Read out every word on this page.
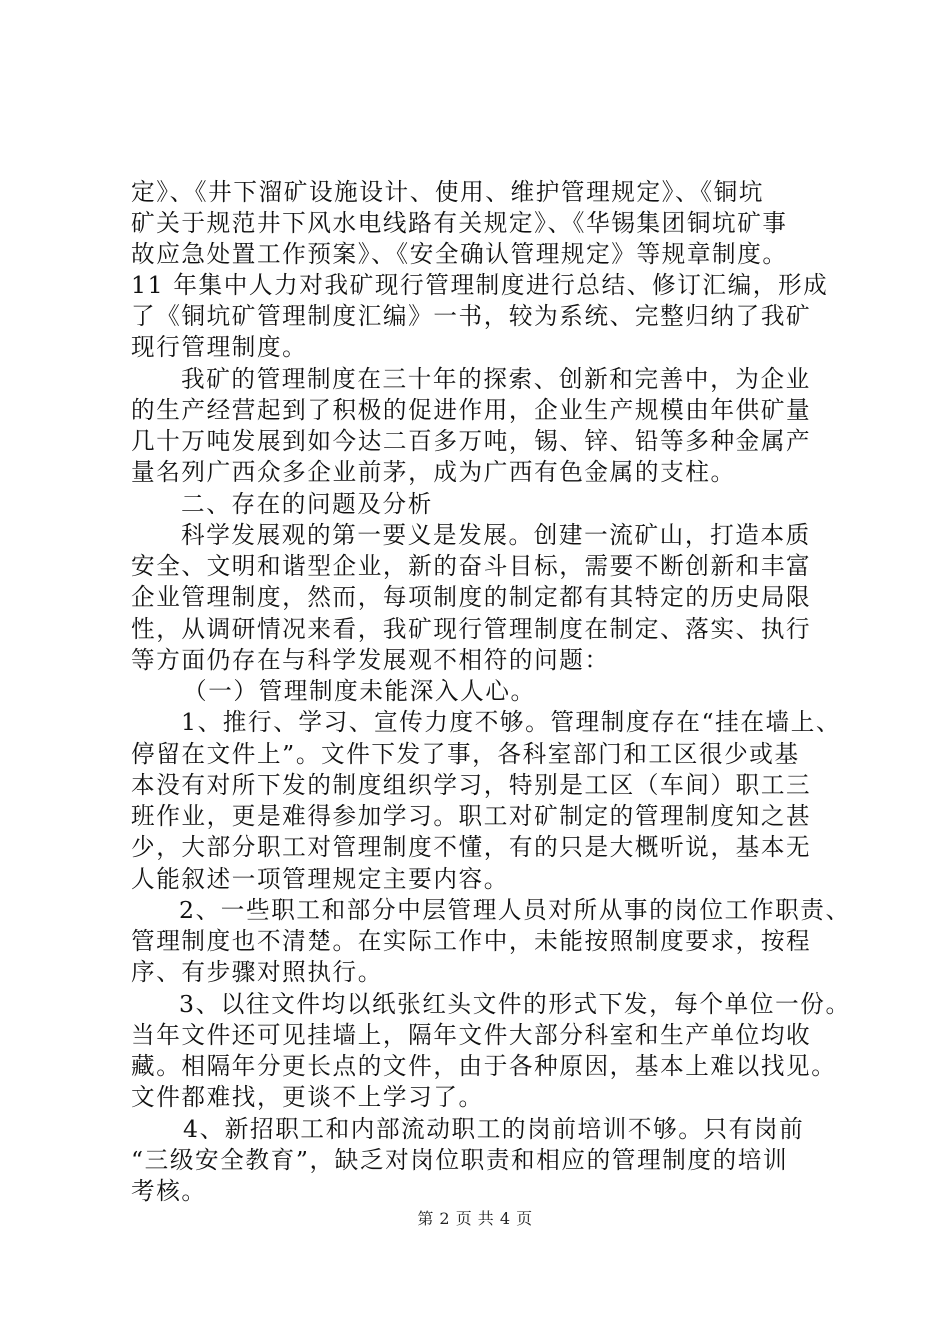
定》、《井下溜矿设施设计、使用、维护管理规定》、《铜坑
矿关于规范井下风水电线路有关规定》、《华锡集团铜坑矿事
故应急处置工作预案》、《安全确认管理规定》等规章制度。
11 年集中人力对我矿现行管理制度进行总结、修订汇编，形成
了《铜坑矿管理制度汇编》一书，较为系统、完整归纳了我矿
现行管理制度。
我矿的管理制度在三十年的探索、创新和完善中，为企业
的生产经营起到了积极的促进作用，企业生产规模由年供矿量
几十万吨发展到如今达二百多万吨，锡、锌、铅等多种金属产
量名列广西众多企业前茅，成为广西有色金属的支柱。
二、存在的问题及分析
科学发展观的第一要义是发展。创建一流矿山，打造本质
安全、文明和谐型企业，新的奋斗目标，需要不断创新和丰富
企业管理制度，然而，每项制度的制定都有其特定的历史局限
性，从调研情况来看，我矿现行管理制度在制定、落实、执行
等方面仍存在与科学发展观不相符的问题：
（一）管理制度未能深入人心。
1、推行、学习、宣传力度不够。管理制度存在“挂在墙上、
停留在文件上”。文件下发了事，各科室部门和工区很少或基
本没有对所下发的制度组织学习，特别是工区（车间）职工三
班作业，更是难得参加学习。职工对矿制定的管理制度知之甚
少，大部分职工对管理制度不懂，有的只是大概听说，基本无
人能叙述一项管理规定主要内容。
2、一些职工和部分中层管理人员对所从事的岗位工作职责、
管理制度也不清楚。在实际工作中，未能按照制度要求，按程
序、有步骤对照执行。
3、以往文件均以纸张红头文件的形式下发，每个单位一份。
当年文件还可见挂墙上，隔年文件大部分科室和生产单位均收
藏。相隔年分更长点的文件，由于各种原因，基本上难以找见。
文件都难找，更谈不上学习了。
4、新招职工和内部流动职工的岗前培训不够。只有岗前
“三级安全教育”，缺乏对岗位职责和相应的管理制度的培训
考核。
第 2 页 共 4 页
